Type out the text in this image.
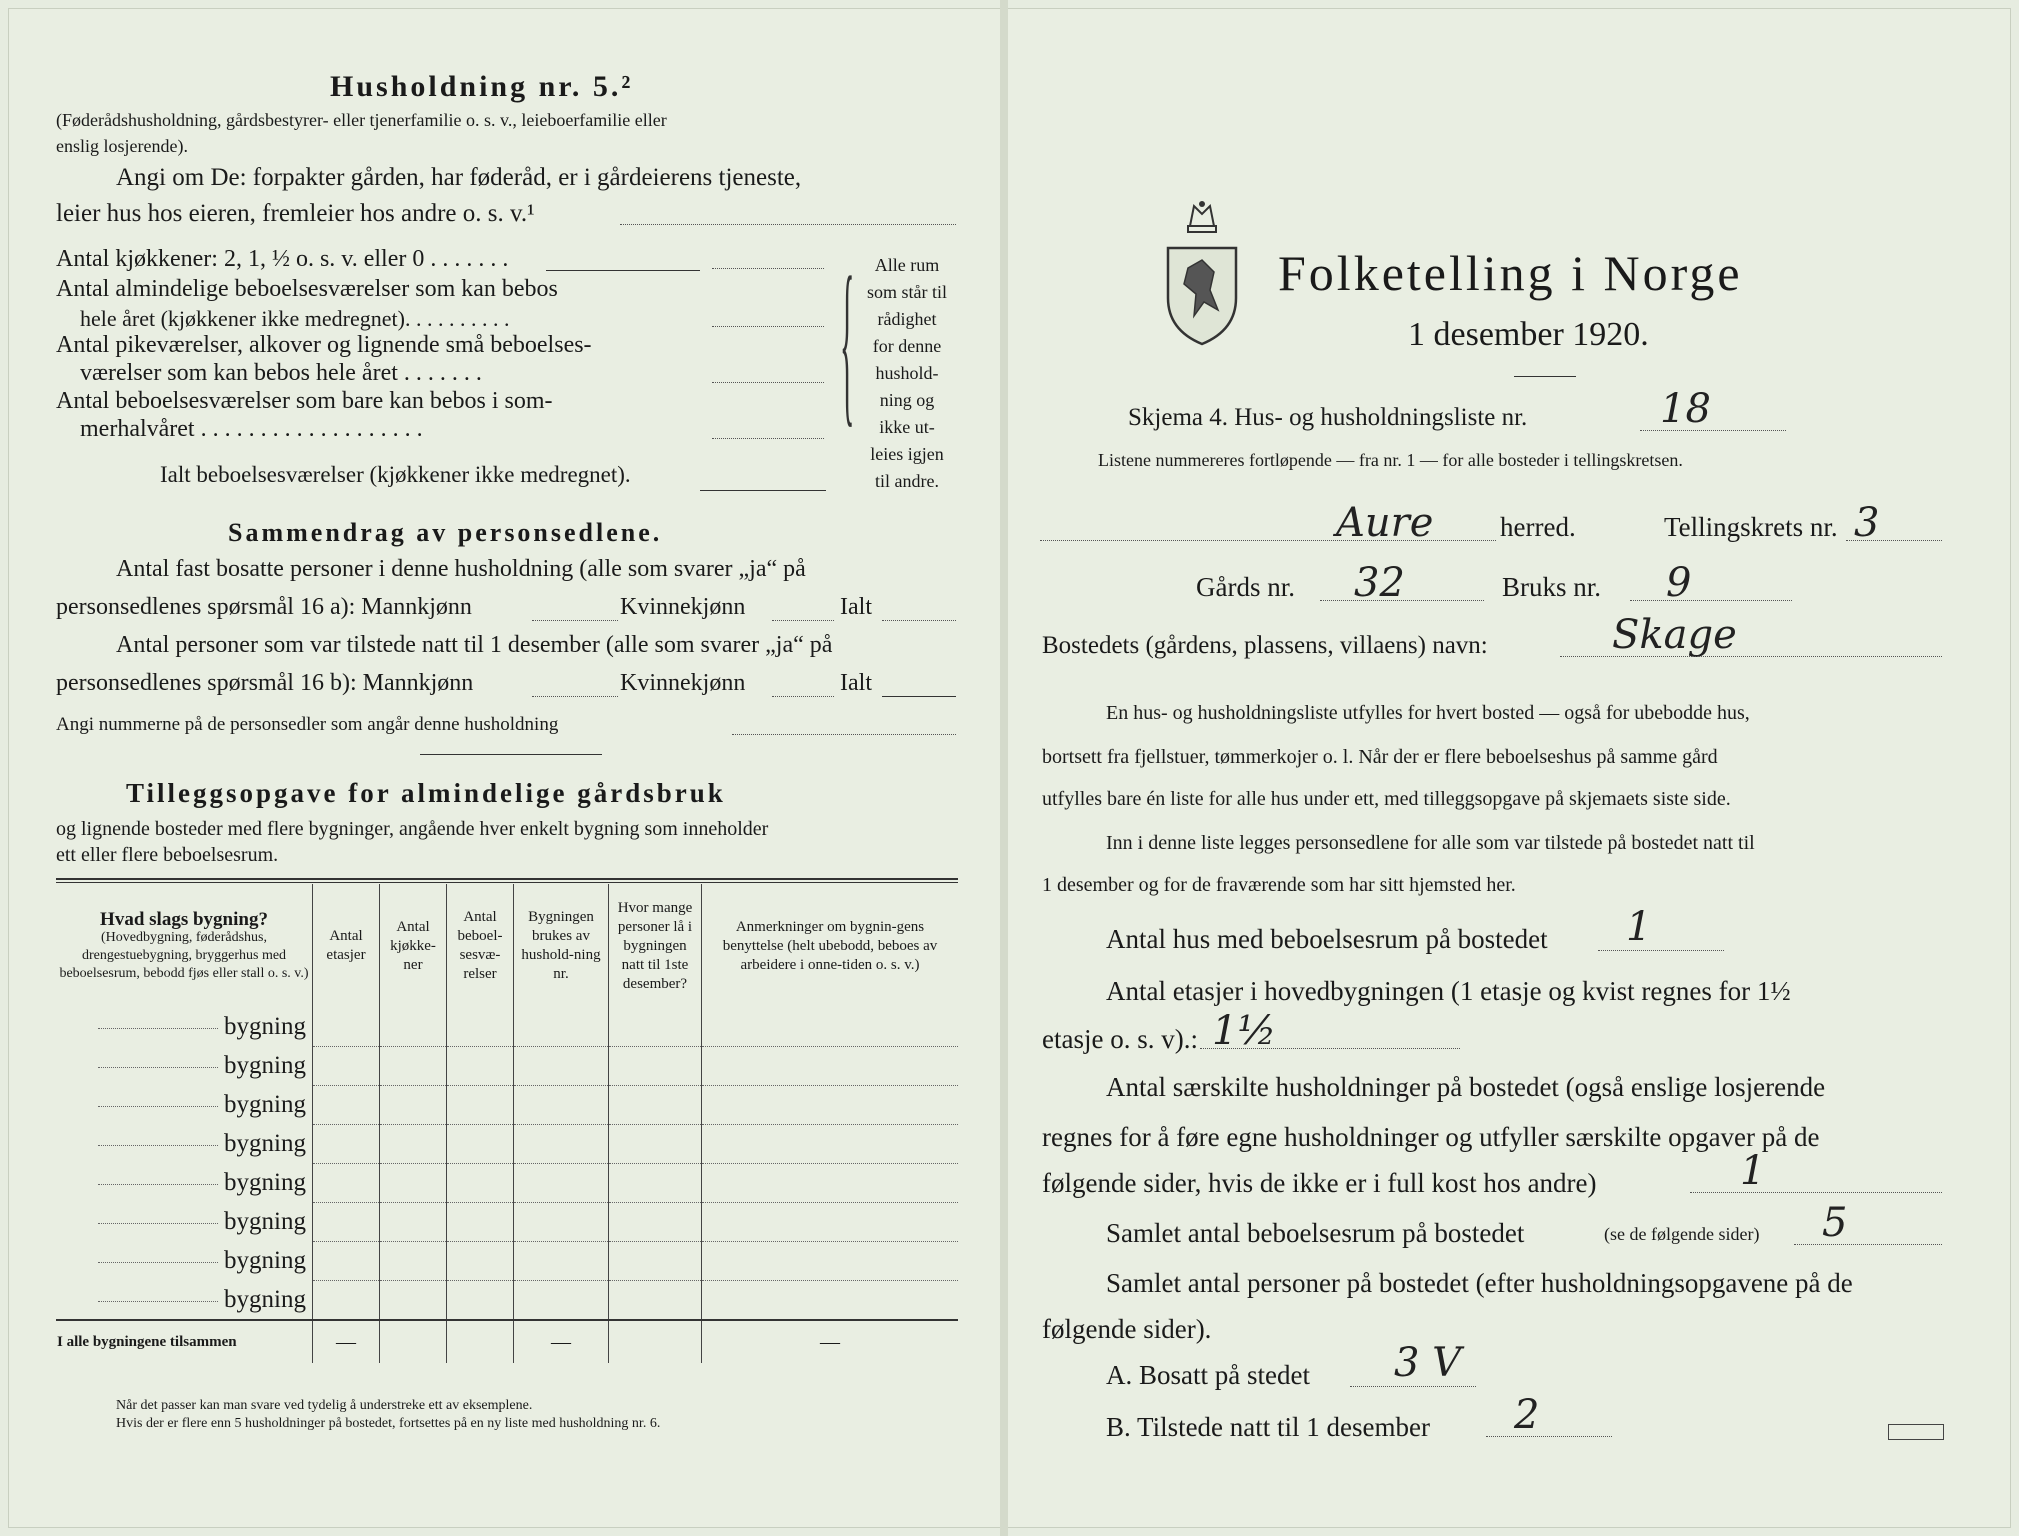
Husholdning nr. 5.²
(Føderådshusholdning, gårdsbestyrer- eller tjenerfamilie o. s. v., leieboerfamilie eller
enslig losjerende).
Angi om De: forpakter gården, har føderåd, er i gårdeierens tjeneste,
leier hus hos eieren, fremleier hos andre o. s. v.¹
Antal kjøkkener: 2, 1, ½ o. s. v. eller 0 . . . . . . .
Antal almindelige beboelsesværelser som kan bebos
hele året (kjøkkener ikke medregnet). . . . . . . . . .
Antal pikeværelser, alkover og lignende små beboelses-
værelser som kan bebos hele året . . . . . . .
Antal beboelsesværelser som bare kan bebos i som-
merhalvåret . . . . . . . . . . . . . . . . . . .
Ialt beboelsesværelser (kjøkkener ikke medregnet).
{	Alle rum
som står til
rådighet
for denne
hushold-
ning og
ikke ut-
leies igjen
til andre.
Sammendrag av personsedlene.
Antal fast bosatte personer i denne husholdning (alle som svarer „ja“ på
personsedlenes spørsmål 16 a): Mannkjønn	Kvinnekjønn	Ialt
Antal personer som var tilstede natt til 1 desember (alle som svarer „ja“ på
personsedlenes spørsmål 16 b): Mannkjønn	Kvinnekjønn	Ialt
Angi nummerne på de personsedler som angår denne husholdning
Tilleggsopgave for almindelige gårdsbruk
og lignende bosteder med flere bygninger, angående hver enkelt bygning som inneholder
ett eller flere beboelsesrum.
Hvad slags bygning?
(Hovedbygning, føderådshus, drengestuebygning, bryggerhus med beboelsesrum, bebodd fjøs eller stall o. s. v.)	Antal etasjer	Antal kjøkke-ner	Antal beboel-sesvæ-relser	Bygningen brukes av hushold-ning nr.	Hvor mange personer lå i bygningen natt til 1ste desember?	Anmerkninger om bygnin-gens benyttelse (helt ubebodd, beboes av arbeidere i onne-tiden o. s. v.)
bygning						
bygning						
bygning						
bygning						
bygning						
bygning						
bygning						
bygning						
I alle bygningene tilsammen	—			—		—
Når det passer kan man svare ved tydelig å understreke ett av eksemplene.
Hvis der er flere enn 5 husholdninger på bostedet, fortsettes på en ny liste med husholdning nr. 6.
Folketelling i Norge
1 desember 1920.
Skjema 4. Hus- og husholdningsliste nr.	18
Listene nummereres fortløpende — fra nr. 1 — for alle bosteder i tellingskretsen.
Aure herred.	Tellingskrets nr. 3
Gårds nr. 32	Bruks nr. 9
Bostedets (gårdens, plassens, villaens) navn:	Skage
En hus- og husholdningsliste utfylles for hvert bosted — også for ubebodde hus,
bortsett fra fjellstuer, tømmerkojer o. l. Når der er flere beboelseshus på samme gård
utfylles bare én liste for alle hus under ett, med tilleggsopgave på skjemaets siste side.
Inn i denne liste legges personsedlene for alle som var tilstede på bostedet natt til
1 desember og for de fraværende som har sitt hjemsted her.
Antal hus med beboelsesrum på bostedet 1
Antal etasjer i hovedbygningen (1 etasje og kvist regnes for 1½
etasje o. s. v).: 1½
Antal særskilte husholdninger på bostedet (også enslige losjerende
regnes for å føre egne husholdninger og utfyller særskilte opgaver på de
følgende sider, hvis de ikke er i full kost hos andre)	1
Samlet antal beboelsesrum på bostedet	(se de følgende sider) 5
Samlet antal personer på bostedet (efter husholdningsopgavene på de
følgende sider).
A. Bosatt på stedet 3 V
B. Tilstede natt til 1 desember 2
